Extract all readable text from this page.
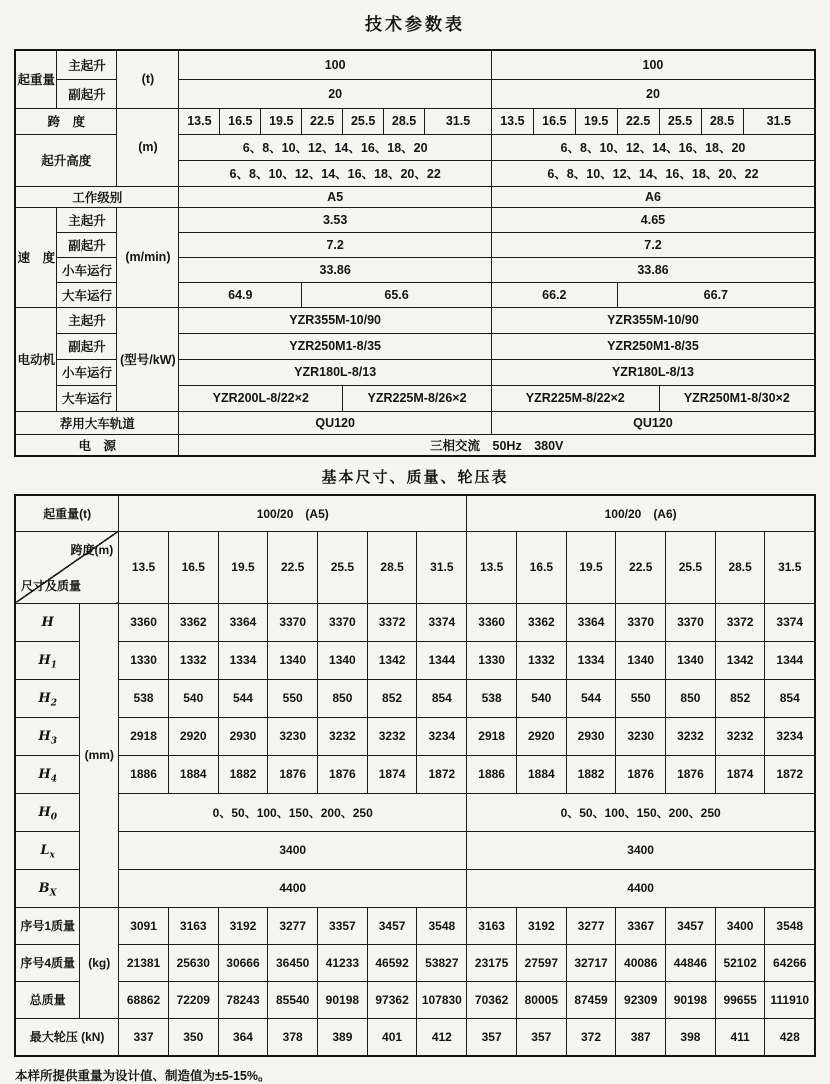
技术参数表
起重量	主起升	(t)	100							100						
	副起升		20							20						
跨　度		(m)	13.5	16.5	19.5	22.5	25.5	28.5	31.5	13.5	16.5	19.5	22.5	25.5	28.5	31.5
起升高度			6、8、10、12、14、16、18、20							6、8、10、12、14、16、18、20						
			6、8、10、12、14、16、18、20、22							6、8、10、12、14、16、18、20、22						
工作级别			A5							A6						
速　度	主起升	(m/min)	3.53							4.65						
	副起升		7.2							7.2						
	小车运行		33.86							33.86						
	大车运行		64.9			65.6				66.2			66.7			
电动机	主起升	(型号/kW)	YZR355M-10/90							YZR355M-10/90						
	副起升		YZR250M1-8/35							YZR250M1-8/35						
	小车运行		YZR180L-8/13							YZR180L-8/13						
	大车运行		YZR200L-8/22×2				YZR225M-8/26×2			YZR225M-8/22×2				YZR250M1-8/30×2		
荐用大车轨道			QU120							QU120						
电　源			三相交流　50Hz　380V													
基本尺寸、质量、轮压表
起重量(t)		100/20　(A5)							100/20　(A6)						

跨度(m)
尺寸及质量		13.5	16.5	19.5	22.5	25.5	28.5	31.5	13.5	16.5	19.5	22.5	25.5	28.5	31.5
H	(mm)	3360	3362	3364	3370	3370	3372	3374	3360	3362	3364	3370	3370	3372	3374
$H_1$		1330	1332	1334	1340	1340	1342	1344	1330	1332	1334	1340	1340	1342	1344
$H_2$		538	540	544	550	850	852	854	538	540	544	550	850	852	854
$H_3$		2918	2920	2930	3230	3232	3232	3234	2918	2920	2930	3230	3232	3232	3234
$H_4$		1886	1884	1882	1876	1876	1874	1872	1886	1884	1882	1876	1876	1874	1872
$H_0$		0、50、100、150、200、250							0、50、100、150、200、250						
$L_x$		3400							3400						
$B_X$		4400							4400						
序号1质量	(kg)	3091	3163	3192	3277	3357	3457	3548	3163	3192	3277	3367	3457	3400	3548
序号4质量		21381	25630	30666	36450	41233	46592	53827	23175	27597	32717	40086	44846	52102	64266
总质量		68862	72209	78243	85540	90198	97362	107830	70362	80005	87459	92309	90198	99655	111910
最大轮压 (kN)		337	350	364	378	389	401	412	357	357	372	387	398	411	428
本样所提供重量为设计值、制造值为±5-15%。
